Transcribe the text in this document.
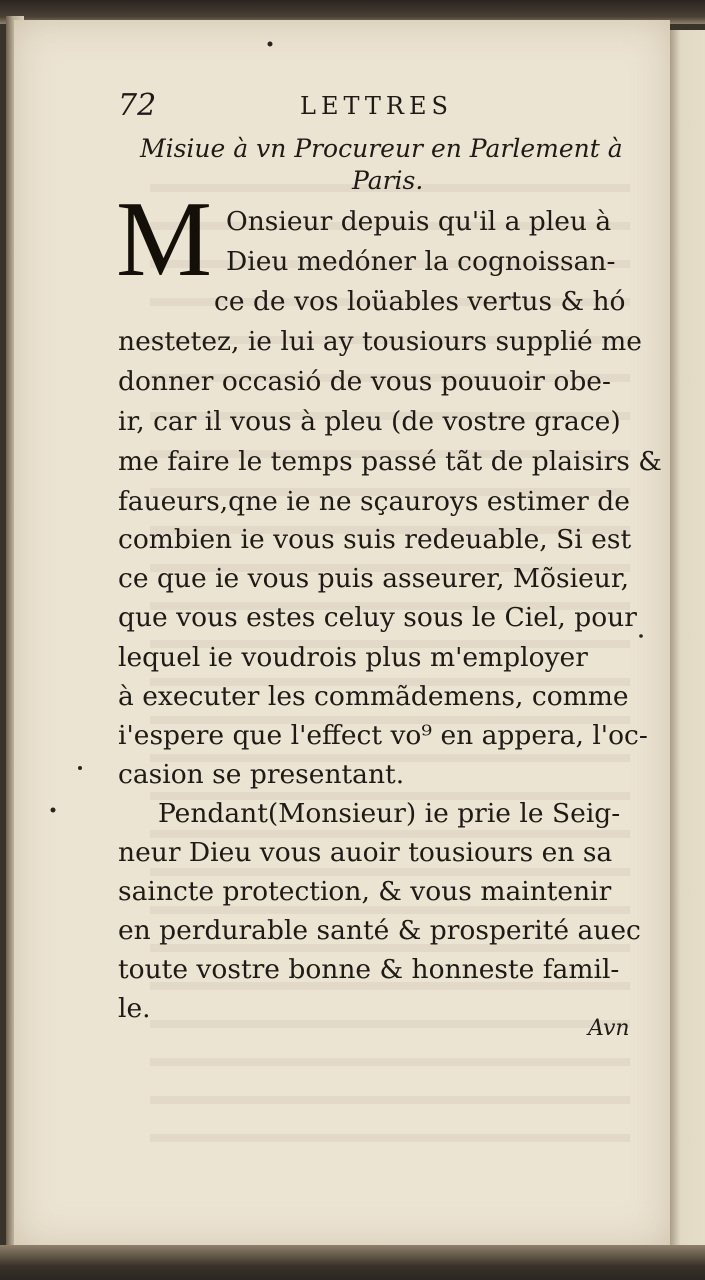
72	LETTRES
Misiue à vn Procureur en Parlement à
Paris.
M Onsieur depuis qu'il a pleu à
Dieu medóner la cognoissan-
ce de vos loüables vertus & hó
nestetez, ie lui ay tousiours supplié me
donner occasió de vous pouuoir obe-
ir, car il vous à pleu (de vostre grace)
me faire le temps passé tãt de plaisirs &
faueurs,qne ie ne sçauroys estimer de
combien ie vous suis redeuable, Si est
ce que ie vous puis asseurer, Mõsieur,
que vous estes celuy sous le Ciel, pour
lequel ie voudrois plus m'employer
à executer les commãdemens, comme
i'espere que l'effect vo⁹ en appera, l'oc-
casion se presentant.
Pendant(Monsieur) ie prie le Seig-
neur Dieu vous auoir tousiours en sa
saincte protection, & vous maintenir
en perdurable santé & prosperité auec
toute vostre bonne & honneste famil-
le.
Avn
